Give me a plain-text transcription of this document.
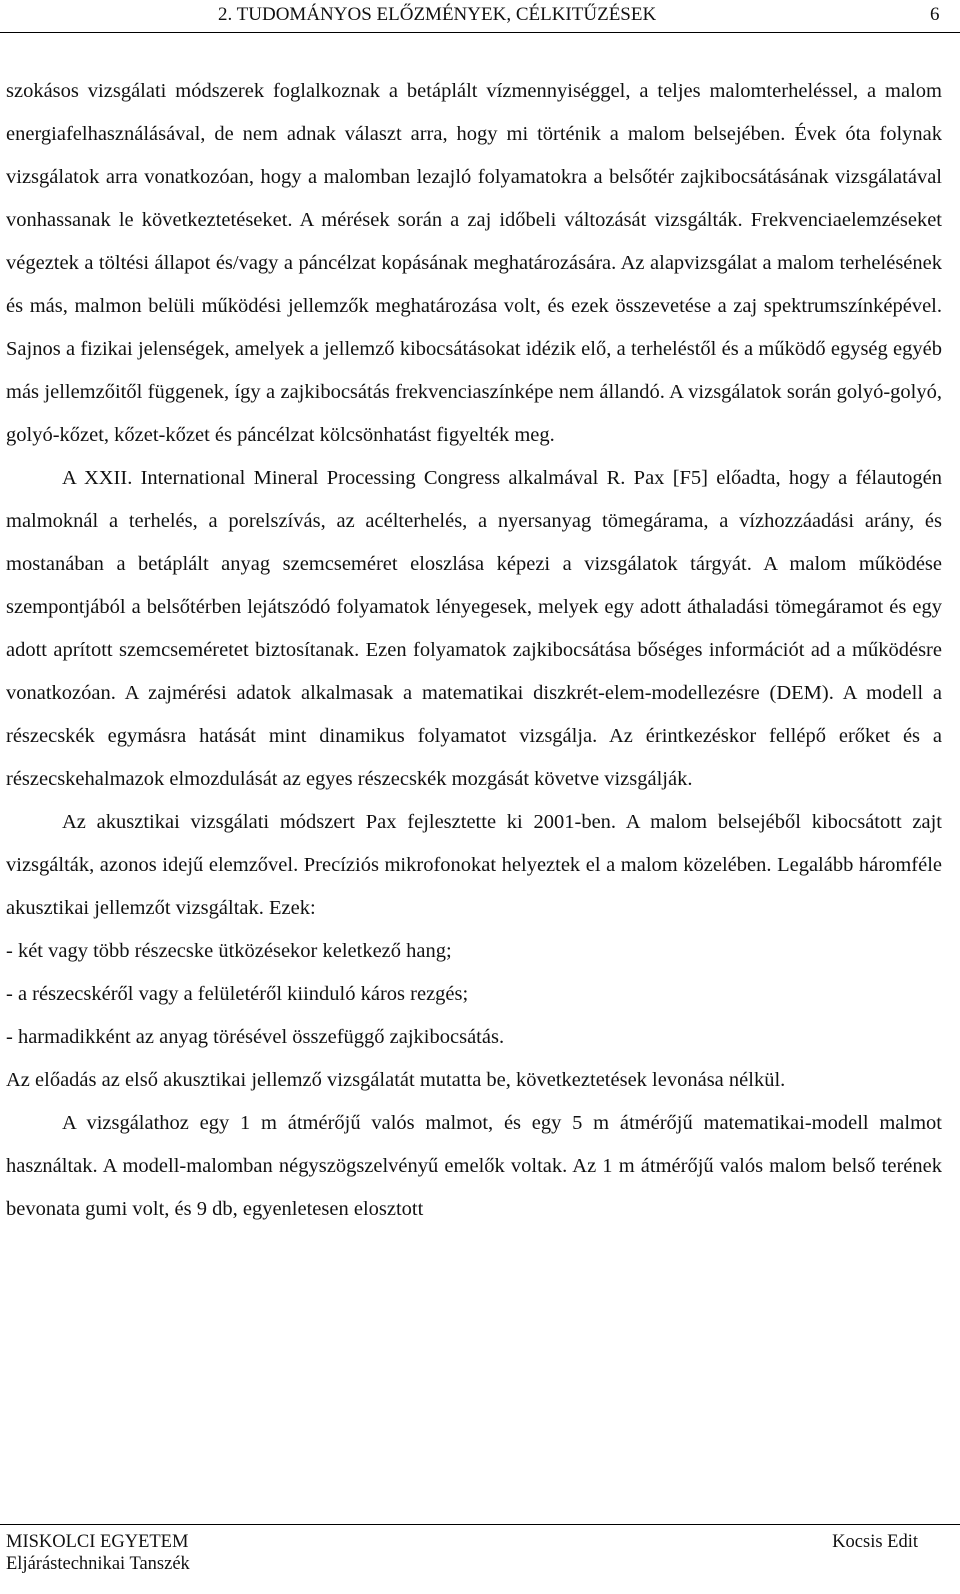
2. TUDOMÁNYOS ELŐZMÉNYEK, CÉLKITŰZÉSEK	6

szokásos vizsgálati módszerek foglalkoznak a betáplált vízmennyiséggel, a teljes malomterheléssel, a malom energiafelhasználásával, de nem adnak választ arra, hogy mi történik a malom belsejében. Évek óta folynak vizsgálatok arra vonatkozóan, hogy a malomban lezajló folyamatokra a belsőtér zajkibocsátásának vizsgálatával vonhassanak le következtetéseket. A mérések során a zaj időbeli változását vizsgálták. Frekvenciaelemzéseket végeztek a töltési állapot és/vagy a páncélzat kopásának meghatározására. Az alapvizsgálat a malom terhelésének és más, malmon belüli működési jellemzők meghatározása volt, és ezek összevetése a zaj spektrumszínképével. Sajnos a fizikai jelenségek, amelyek a jellemző kibocsátásokat idézik elő, a terheléstől és a működő egység egyéb más jellemzőitől függenek, így a zajkibocsátás frekvenciaszínképe nem állandó. A vizsgálatok során golyó-golyó, golyó-kőzet, kőzet-kőzet és páncélzat kölcsönhatást figyelték meg.

A XXII. International Mineral Processing Congress alkalmával R. Pax [F5] előadta, hogy a félautogén malmoknál a terhelés, a porelszívás, az acélterhelés, a nyersanyag tömegárama, a vízhozzáadási arány, és mostanában a betáplált anyag szemcseméret eloszlása képezi a vizsgálatok tárgyát. A malom működése szempontjából a belsőtérben lejátszódó folyamatok lényegesek, melyek egy adott áthaladási tömegáramot és egy adott aprított szemcseméretet biztosítanak. Ezen folyamatok zajkibocsátása bőséges információt ad a működésre vonatkozóan. A zajmérési adatok alkalmasak a matematikai diszkrét-elem-modellezésre (DEM). A modell a részecskék egymásra hatását mint dinamikus folyamatot vizsgálja. Az érintkezéskor fellépő erőket és a részecskehalmazok elmozdulását az egyes részecskék mozgását követve vizsgálják.

Az akusztikai vizsgálati módszert Pax fejlesztette ki 2001-ben. A malom belsejéből kibocsátott zajt vizsgálták, azonos idejű elemzővel. Precíziós mikrofonokat helyeztek el a malom közelében. Legalább háromféle akusztikai jellemzőt vizsgáltak. Ezek:

- két vagy több részecske ütközésekor keletkező hang;

- a részecskéről vagy a felületéről kiinduló káros rezgés;

- harmadikként az anyag törésével összefüggő zajkibocsátás.

Az előadás az első akusztikai jellemző vizsgálatát mutatta be, következtetések levonása nélkül.

A vizsgálathoz egy 1 m átmérőjű valós malmot, és egy 5 m átmérőjű matematikai-modell malmot használtak. A modell-malomban négyszögszelvényű emelők voltak. Az 1 m átmérőjű valós malom belső terének bevonata gumi volt, és 9 db, egyenletesen elosztott

MISKOLCI EGYETEM
Eljárástechnikai Tanszék
Kocsis Edit
